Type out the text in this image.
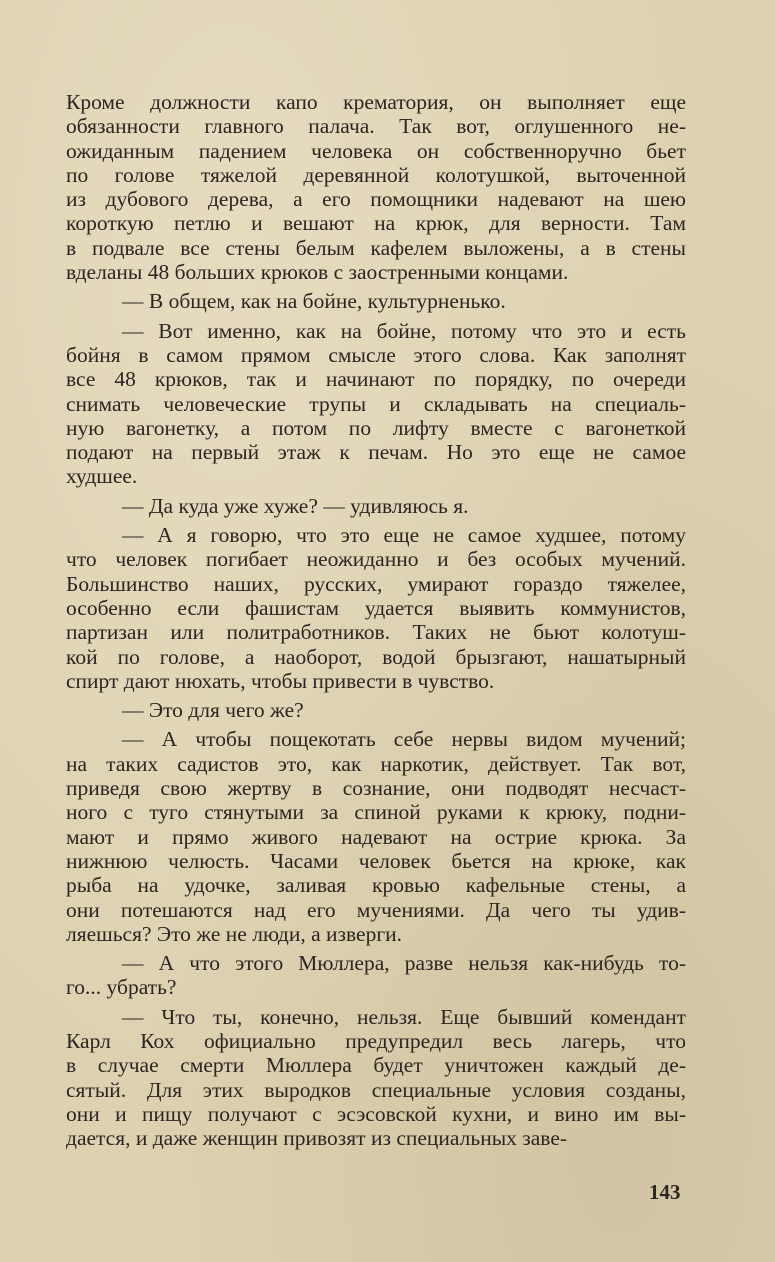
Кроме должности капо крематория, он выполняет еще
обязанности главного палача. Так вот, оглушенного не-
ожиданным падением человека он собственноручно бьет
по голове тяжелой деревянной колотушкой, выточенной
из дубового дерева, а его помощники надевают на шею
короткую петлю и вешают на крюк, для верности. Там
в подвале все стены белым кафелем выложены, а в стены
вделаны 48 больших крюков с заостренными концами.
— В общем, как на бойне, культурненько.
— Вот именно, как на бойне, потому что это и есть
бойня в самом прямом смысле этого слова. Как заполнят
все 48 крюков, так и начинают по порядку, по очереди
снимать человеческие трупы и складывать на специаль-
ную вагонетку, а потом по лифту вместе с вагонеткой
подают на первый этаж к печам. Но это еще не самое
худшее.
— Да куда уже хуже? — удивляюсь я.
— А я говорю, что это еще не самое худшее, потому
что человек погибает неожиданно и без особых мучений.
Большинство наших, русских, умирают гораздо тяжелее,
особенно если фашистам удается выявить коммунистов,
партизан или политработников. Таких не бьют колотуш-
кой по голове, а наоборот, водой брызгают, нашатырный
спирт дают нюхать, чтобы привести в чувство.
— Это для чего же?
— А чтобы пощекотать себе нервы видом мучений;
на таких садистов это, как наркотик, действует. Так вот,
приведя свою жертву в сознание, они подводят несчаст-
ного с туго стянутыми за спиной руками к крюку, подни-
мают и прямо живого надевают на острие крюка. За
нижнюю челюсть. Часами человек бьется на крюке, как
рыба на удочке, заливая кровью кафельные стены, а
они потешаются над его мучениями. Да чего ты удив-
ляешься? Это же не люди, а изверги.
— А что этого Мюллера, разве нельзя как-нибудь то-
го... убрать?
— Что ты, конечно, нельзя. Еще бывший комендант
Карл Кох официально предупредил весь лагерь, что
в случае смерти Мюллера будет уничтожен каждый де-
сятый. Для этих выродков специальные условия созданы,
они и пищу получают с эсэсовской кухни, и вино им вы-
дается, и даже женщин привозят из специальных заве-
143
